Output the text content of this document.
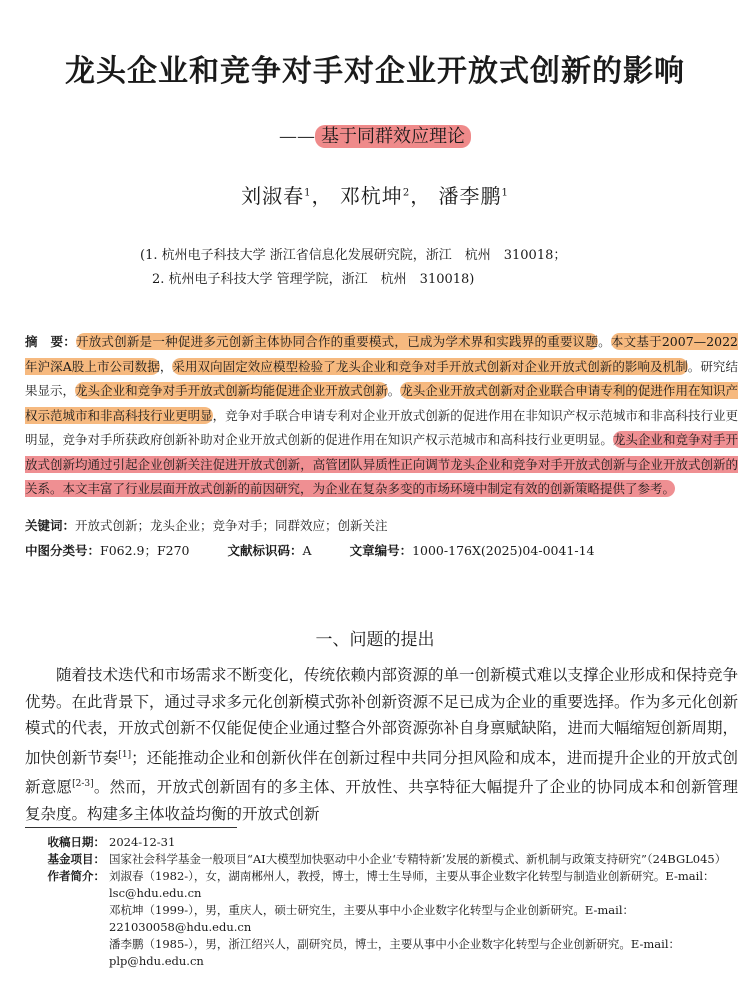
龙头企业和竞争对手对企业开放式创新的影响
—— 基于同群效应理论
刘淑春$^1$， 邓杭坤$^2$， 潘李鹏$^1$
(1. 杭州电子科技大学 浙江省信息化发展研究院，浙江　杭州　310018；
2. 杭州电子科技大学 管理学院，浙江　杭州　310018)
摘　要：开放式创新是一种促进多元创新主体协同合作的重要模式，已成为学术界和实践界的重要议题。本文基于2007—2022年沪深A股上市公司数据，采用双向固定效应模型检验了龙头企业和竞争对手开放式创新对企业开放式创新的影响及机制。研究结果显示，龙头企业和竞争对手开放式创新均能促进企业开放式创新。龙头企业开放式创新对企业联合申请专利的促进作用在知识产权示范城市和非高科技行业更明显，竞争对手联合申请专利对企业开放式创新的促进作用在非知识产权示范城市和非高科技行业更明显，竞争对手所获政府创新补助对企业开放式创新的促进作用在知识产权示范城市和高科技行业更明显。龙头企业和竞争对手开放式创新均通过引起企业创新关注促进开放式创新，高管团队异质性正向调节龙头企业和竞争对手开放式创新与企业开放式创新的关系。本文丰富了行业层面开放式创新的前因研究，为企业在复杂多变的市场环境中制定有效的创新策略提供了参考。
关键词：开放式创新；龙头企业；竞争对手；同群效应；创新关注
中图分类号：F062.9；F270	文献标识码：A	文章编号：1000-176X(2025)04-0041-14
一、问题的提出
随着技术迭代和市场需求不断变化，传统依赖内部资源的单一创新模式难以支撑企业形成和保持竞争优势。在此背景下，通过寻求多元化创新模式弥补创新资源不足已成为企业的重要选择。作为多元化创新模式的代表，开放式创新不仅能促使企业通过整合外部资源弥补自身禀赋缺陷，进而大幅缩短创新周期，加快创新节奏[1]；还能推动企业和创新伙伴在创新过程中共同分担风险和成本，进而提升企业的开放式创新意愿[2-3]。然而，开放式创新固有的多主体、开放性、共享特征大幅提升了企业的协同成本和创新管理复杂度。构建多主体收益均衡的开放式创新
收稿日期： 2024-12-31
基金项目： 国家社会科学基金一般项目“AI大模型加快驱动中小企业‘专精特新’发展的新模式、新机制与政策支持研究”（24BGL045）
作者简介： 刘淑春（1982-），女，湖南郴州人，教授，博士，博士生导师，主要从事企业数字化转型与制造业创新研究。E-mail：lsc@hdu.edu.cn
邓杭坤（1999-），男，重庆人，硕士研究生，主要从事中小企业数字化转型与企业创新研究。E-mail：221030058@hdu.edu.cn
潘李鹏（1985-），男，浙江绍兴人，副研究员，博士，主要从事中小企业数字化转型与企业创新研究。E-mail：plp@hdu.edu.cn
